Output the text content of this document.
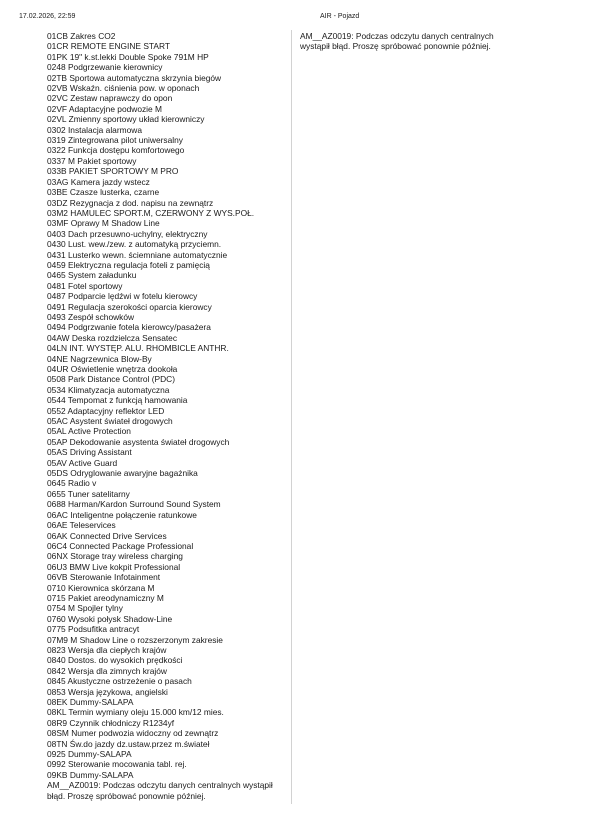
17.02.2026, 22:59	AIR - Pojazd
01CB Zakres CO2
01CR REMOTE ENGINE START
01PK 19" k.st.lekki Double Spoke 791M HP
0248 Podgrzewanie kierownicy
02TB Sportowa automatyczna skrzynia biegów
02VB Wskaźn. ciśnienia pow. w oponach
02VC Zestaw naprawczy do opon
02VF Adaptacyjne podwozie M
02VL Zmienny sportowy układ kierowniczy
0302 Instalacja alarmowa
0319 Zintegrowana pilot uniwersalny
0322 Funkcja dostępu komfortowego
0337 M Pakiet sportowy
033B PAKIET SPORTOWY M PRO
03AG Kamera jazdy wstecz
03BE Czasze lusterka, czarne
03DZ Rezygnacja z dod. napisu na zewnątrz
03M2 HAMULEC SPORT.M, CZERWONY Z WYS.POŁ.
03MF Oprawy M Shadow Line
0403 Dach przesuwno-uchylny, elektryczny
0430 Lust. wew./zew. z automatyką przyciemn.
0431 Lusterko wewn. ściemniane automatycznie
0459 Elektryczna regulacja foteli z pamięcią
0465 System załadunku
0481 Fotel sportowy
0487 Podparcie lędźwi w fotelu kierowcy
0491 Regulacja szerokości oparcia kierowcy
0493 Zespół schowków
0494 Podgrzwanie fotela kierowcy/pasażera
04AW Deska rozdzielcza Sensatec
04LN INT. WYSTĘP. ALU. RHOMBICLE ANTHR.
04NE Nagrzewnica Blow-By
04UR Oświetlenie wnętrza dookoła
0508 Park Distance Control (PDC)
0534 Klimatyzacja automatyczna
0544 Tempomat z funkcją hamowania
0552 Adaptacyjny reflektor LED
05AC Asystent świateł drogowych
05AL Active Protection
05AP Dekodowanie asystenta świateł drogowych
05AS Driving Assistant
05AV Active Guard
05DS Odryglowanie awaryjne bagażnika
0645 Radio v
0655 Tuner satelitarny
0688 Harman/Kardon Surround Sound System
06AC Inteligentne połączenie ratunkowe
06AE Teleservices
06AK Connected Drive Services
06C4 Connected Package Professional
06NX Storage tray wireless charging
06U3 BMW Live kokpit Professional
06VB Sterowanie Infotainment
0710 Kierownica skórzana M
0715 Pakiet areodynamiczny M
0754 M Spojler tylny
0760 Wysoki połysk Shadow-Line
0775 Podsufitka antracyt
07M9 M Shadow Line o rozszerzonym zakresie
0823 Wersja dla ciepłych krajów
0840 Dostos. do wysokich prędkości
0842 Wersja dla zimnych krajów
0845 Akustyczne ostrzeżenie o pasach
0853 Wersja językowa, angielski
08EK Dummy-SALAPA
08KL Termin wymiany oleju 15.000 km/12 mies.
08R9 Czynnik chłodniczy R1234yf
08SM Numer podwozia widoczny od zewnątrz
08TN Św.do jazdy dz.ustaw.przez m.świateł
0925 Dummy-SALAPA
0992 Sterowanie mocowania tabl. rej.
09KB Dummy-SALAPA
AM__AZ0019: Podczas odczytu danych centralnych wystąpił błąd. Proszę spróbować ponownie później.
AM__AZ0019: Podczas odczytu danych centralnych wystąpił błąd. Proszę spróbować ponownie później.
